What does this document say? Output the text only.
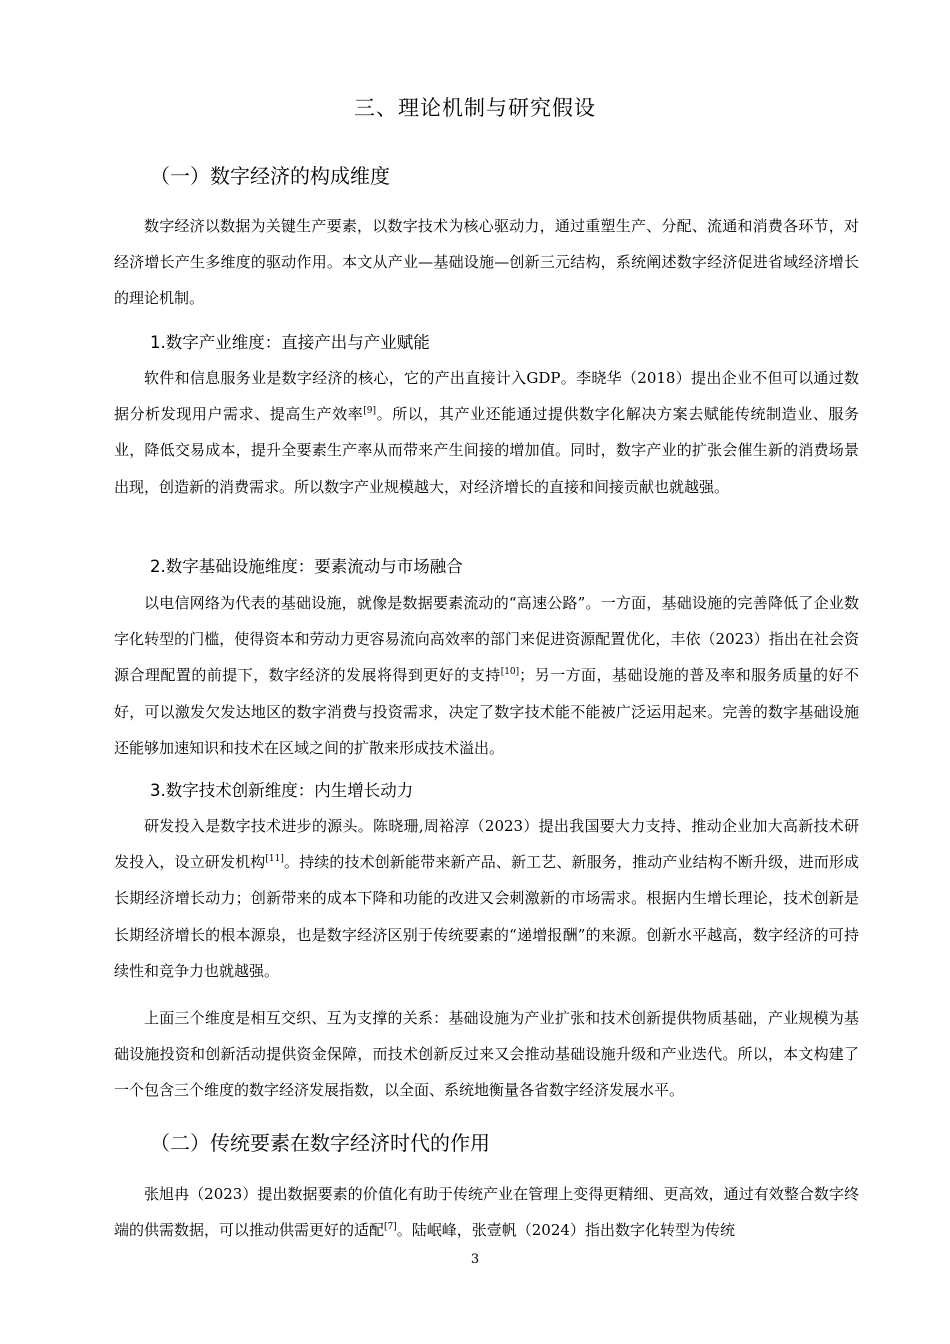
三、理论机制与研究假设
（一）数字经济的构成维度
数字经济以数据为关键生产要素，以数字技术为核心驱动力，通过重塑生产、分配、流通和消费各环节，对经济增长产生多维度的驱动作用。本文从产业—基础设施—创新三元结构，系统阐述数字经济促进省域经济增长的理论机制。
1.数字产业维度：直接产出与产业赋能
软件和信息服务业是数字经济的核心，它的产出直接计入GDP。李晓华（2018）提出企业不但可以通过数据分析发现用户需求、提高生产效率[9]。所以，其产业还能通过提供数字化解决方案去赋能传统制造业、服务业，降低交易成本，提升全要素生产率从而带来产生间接的增加值。同时，数字产业的扩张会催生新的消费场景出现，创造新的消费需求。所以数字产业规模越大，对经济增长的直接和间接贡献也就越强。
2.数字基础设施维度：要素流动与市场融合
以电信网络为代表的基础设施，就像是数据要素流动的“高速公路”。一方面，基础设施的完善降低了企业数字化转型的门槛，使得资本和劳动力更容易流向高效率的部门来促进资源配置优化，丰依（2023）指出在社会资源合理配置的前提下，数字经济的发展将得到更好的支持[10]；另一方面，基础设施的普及率和服务质量的好不好，可以激发欠发达地区的数字消费与投资需求，决定了数字技术能不能被广泛运用起来。完善的数字基础设施还能够加速知识和技术在区域之间的扩散来形成技术溢出。
3.数字技术创新维度：内生增长动力
研发投入是数字技术进步的源头。陈晓珊,周裕淳（2023）提出我国要大力支持、推动企业加大高新技术研发投入，设立研发机构[11]。持续的技术创新能带来新产品、新工艺、新服务，推动产业结构不断升级，进而形成长期经济增长动力；创新带来的成本下降和功能的改进又会刺激新的市场需求。根据内生增长理论，技术创新是长期经济增长的根本源泉，也是数字经济区别于传统要素的“递增报酬”的来源。创新水平越高，数字经济的可持续性和竞争力也就越强。
上面三个维度是相互交织、互为支撑的关系：基础设施为产业扩张和技术创新提供物质基础，产业规模为基础设施投资和创新活动提供资金保障，而技术创新反过来又会推动基础设施升级和产业迭代。所以，本文构建了一个包含三个维度的数字经济发展指数，以全面、系统地衡量各省数字经济发展水平。
（二）传统要素在数字经济时代的作用
张旭冉（2023）提出数据要素的价值化有助于传统产业在管理上变得更精细、更高效，通过有效整合数字终端的供需数据，可以推动供需更好的适配[7]。陆岷峰，张壹帆（2024）指出数字化转型为传统
3
